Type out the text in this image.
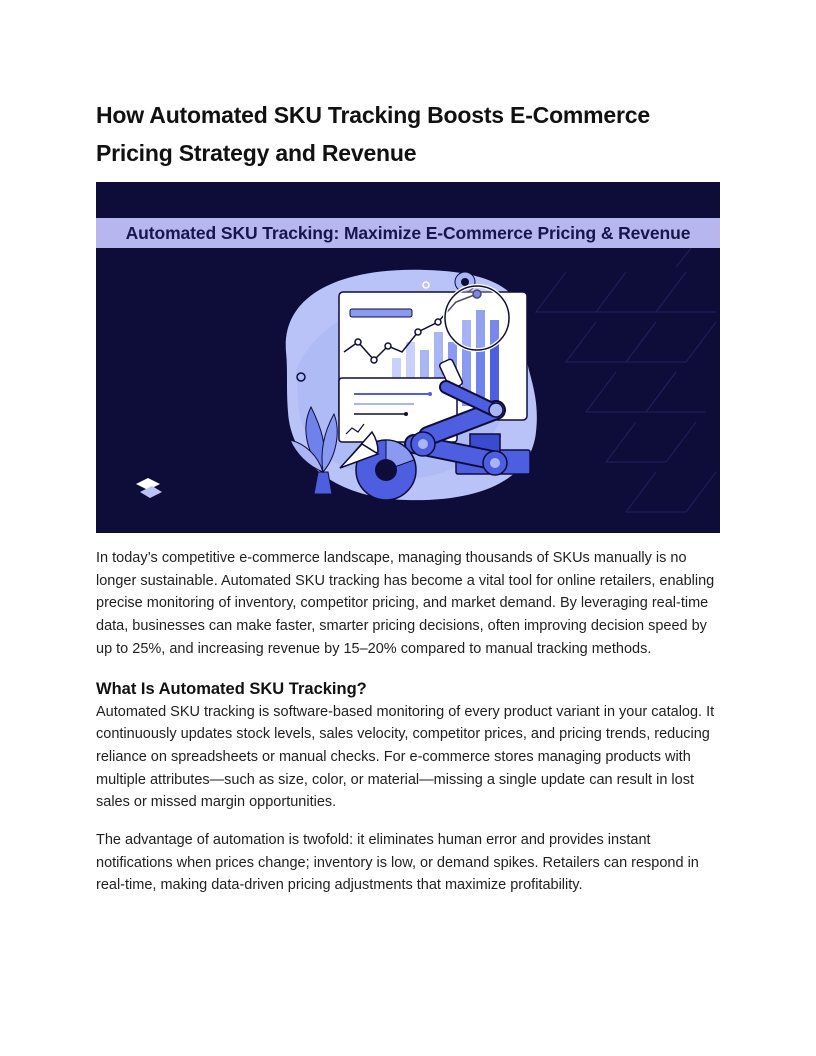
How Automated SKU Tracking Boosts E-Commerce Pricing Strategy and Revenue
Automated SKU Tracking: Maximize E-Commerce Pricing & Revenue

In today’s competitive e-commerce landscape, managing thousands of SKUs manually is no longer sustainable. Automated SKU tracking has become a vital tool for online retailers, enabling precise monitoring of inventory, competitor pricing, and market demand. By leveraging real-time data, businesses can make faster, smarter pricing decisions, often improving decision speed by up to 25%, and increasing revenue by 15–20% compared to manual tracking methods.

What Is Automated SKU Tracking?

Automated SKU tracking is software-based monitoring of every product variant in your catalog. It continuously updates stock levels, sales velocity, competitor prices, and pricing trends, reducing reliance on spreadsheets or manual checks. For e-commerce stores managing products with multiple attributes—such as size, color, or material—missing a single update can result in lost sales or missed margin opportunities.

The advantage of automation is twofold: it eliminates human error and provides instant notifications when prices change; inventory is low, or demand spikes. Retailers can respond in real-time, making data-driven pricing adjustments that maximize profitability.
